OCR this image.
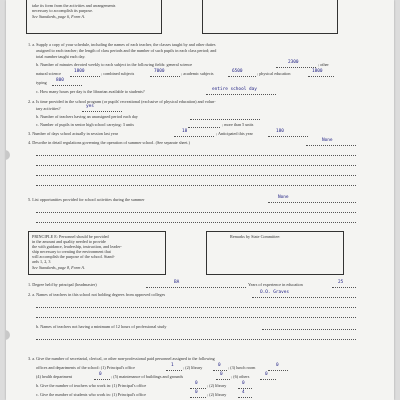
take its form from the activities and arrangements
necessary to accomplish its purpose.
See Standards, page 6, Form A.
1. a. Supply a copy of your schedule, including the names of each teacher, the classes taught by and other duties
assigned to each teacher; the length of class periods and the number of such pupils in each class period; and
total number taught each day.
b. Number of minutes devoted weekly to each subject in the following fields: general science	2300	; other
natural science	1800	; combined subjects	7000	; academic subjects	6500	; physical education	1800
typing 800
c. How many hours per day is the librarian available to students?	entire school day
2. a. Is time provided in the school program (or pupils' recreational (exclusive of physical education) and volun-
tary activities?	yes
b. Number of teachers having an unassigned period each day
c. Number of pupils in senior high school carrying: 3 units	; more than 5 units
3. Number of days school actually in session last year	18	; Anticipated this year	180
4. Describe in detail regulations governing the operation of summer school. (See separate sheet.)	None
5. List opportunities provided for school activities during the summer	None
PRINCIPLE E: Personnel should be provided
in the amount and quality needed to provide
the with guidance, leadership, instruction, and leader-
ship necessary to creating the environment that
will accomplish the purpose of the school. Stand-
ards 1, 2, 3
See Standards, page 8, Form A.
Remarks by State Committee:
1. Degree held by principal (headmaster)	BA	Years of experience in education	25
2. a. Names of teachers in this school not holding degrees from approved colleges	O.O. Graves
b. Names of teachers not having a minimum of 12 hours of professional study
3. a. Give the number of secretarial, clerical, or other non-professional paid personnel assigned to the following
offices and departments of the school: (1) Principal's office	1 ; (2) library	0 ; (3) lunch room	0
(4) health department	0 ; (5) maintenance of buildings and grounds	0 ; (6) others	0
b. Give the number of teachers who work in: (1) Principal's office	0 ; (2) library	0
c. Give the number of students who work in: (1) Principal's office	0 ; (2) library	4
